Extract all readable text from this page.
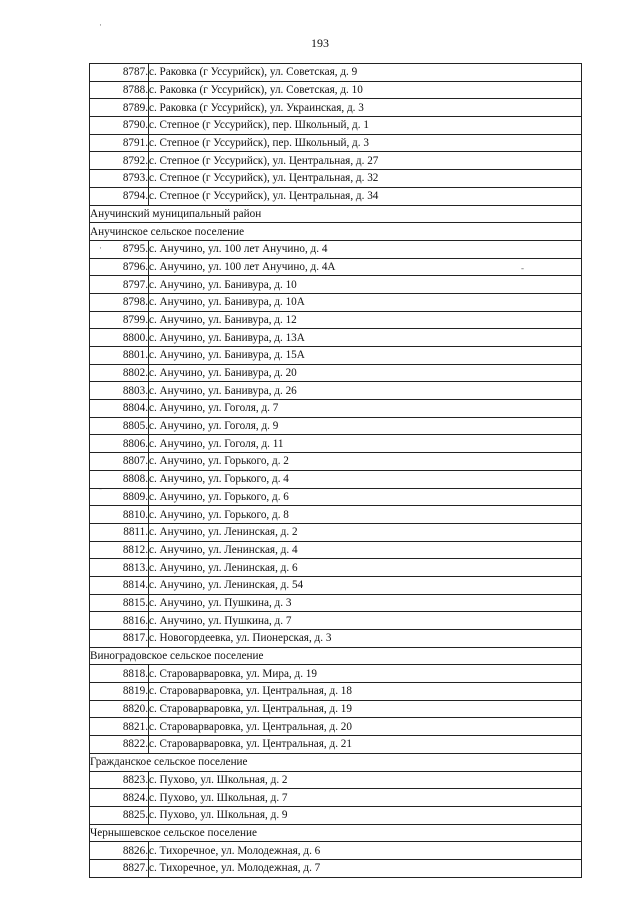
193
·
·
-
-
8787.	с. Раковка (г Уссурийск), ул. Советская, д. 9
8788.	с. Раковка (г Уссурийск), ул. Советская, д. 10
8789.	с. Раковка (г Уссурийск), ул. Украинская, д. 3
8790.	с. Степное (г Уссурийск), пер. Школьный, д. 1
8791.	с. Степное (г Уссурийск), пер. Школьный, д. 3
8792.	с. Степное (г Уссурийск), ул. Центральная, д. 27
8793.	с. Степное (г Уссурийск), ул. Центральная, д. 32
8794.	с. Степное (г Уссурийск), ул. Центральная, д. 34
Анучинский муниципальный район	
Анучинское сельское поселение	
8795.	с. Анучино, ул. 100 лет Анучино, д. 4
8796.	с. Анучино, ул. 100 лет Анучино, д. 4А
8797.	с. Анучино, ул. Банивура, д. 10
8798.	с. Анучино, ул. Банивура, д. 10А
8799.	с. Анучино, ул. Банивура, д. 12
8800.	с. Анучино, ул. Банивура, д. 13А
8801.	с. Анучино, ул. Банивура, д. 15А
8802.	с. Анучино, ул. Банивура, д. 20
8803.	с. Анучино, ул. Банивура, д. 26
8804.	с. Анучино, ул. Гоголя, д. 7
8805.	с. Анучино, ул. Гоголя, д. 9
8806.	с. Анучино, ул. Гоголя, д. 11
8807.	с. Анучино, ул. Горького, д. 2
8808.	с. Анучино, ул. Горького, д. 4
8809.	с. Анучино, ул. Горького, д. 6
8810.	с. Анучино, ул. Горького, д. 8
8811.	с. Анучино, ул. Ленинская, д. 2
8812.	с. Анучино, ул. Ленинская, д. 4
8813.	с. Анучино, ул. Ленинская, д. 6
8814.	с. Анучино, ул. Ленинская, д. 54
8815.	с. Анучино, ул. Пушкина, д. 3
8816.	с. Анучино, ул. Пушкина, д. 7
8817.	с. Новогордеевка, ул. Пионерская, д. 3
Виноградовское сельское поселение	
8818.	с. Староварваровка, ул. Мира, д. 19
8819.	с. Староварваровка, ул. Центральная, д. 18
8820.	с. Староварваровка, ул. Центральная, д. 19
8821.	с. Староварваровка, ул. Центральная, д. 20
8822.	с. Староварваровка, ул. Центральная, д. 21
Гражданское сельское поселение	
8823.	с. Пухово, ул. Школьная, д. 2
8824.	с. Пухово, ул. Школьная, д. 7
8825.	с. Пухово, ул. Школьная, д. 9
Чернышевское сельское поселение	
8826.	с. Тихоречное, ул. Молодежная, д. 6
8827.	с. Тихоречное, ул. Молодежная, д. 7
